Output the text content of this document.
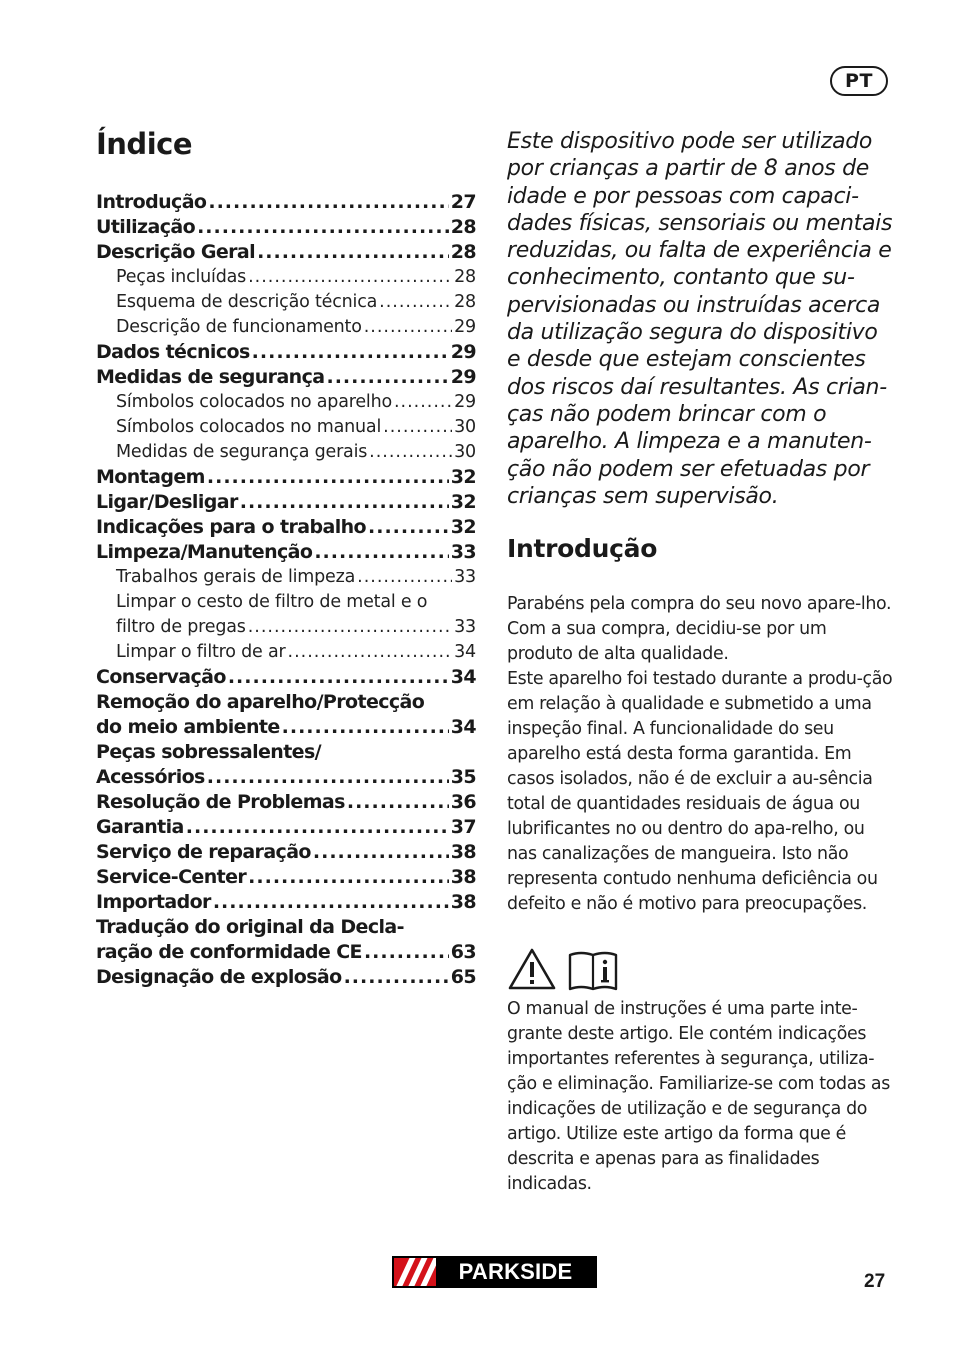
PT
Índice
Introdução .....	27
Utilização .....	28
Descrição Geral .....	28
Peças incluídas .....	28
Esquema de descrição técnica .....	28
Descrição de funcionamento .....	29
Dados técnicos .....	29
Medidas de segurança .....	29
Símbolos colocados no aparelho .....	29
Símbolos colocados no manual .....	30
Medidas de segurança gerais .....	30
Montagem .....	32
Ligar/Desligar .....	32
Indicações para o trabalho .....	32
Limpeza/Manutenção .....	33
Trabalhos gerais de limpeza .....	33
Limpar o cesto de filtro de metal e o
filtro de pregas .....	33
Limpar o filtro de ar .....	34
Conservação .....	34
Remoção do aparelho/Protecção
do meio ambiente .....	34
Peças sobressalentes/
Acessórios .....	35
Resolução de Problemas .....	36
Garantia .....	37
Serviço de reparação .....	38
Service-Center .....	38
Importador .....	38
Tradução do original da Decla-
ração de conformidade CE .....	63
Designação de explosão .....	65

Este dispositivo pode ser utilizado por crianças a partir de 8 anos de idade e por pessoas com capaci-dades físicas, sensoriais ou mentais reduzidas, ou falta de experiência e conhecimento, contanto que su-pervisionadas ou instruídas acerca da utilização segura do dispositivo e desde que estejam conscientes dos riscos daí resultantes. As crian-ças não podem brincar com o aparelho. A limpeza e a manuten-ção não podem ser efetuadas por crianças sem supervisão.

Introdução

Parabéns pela compra do seu novo apare-lho. Com a sua compra, decidiu-se por um produto de alta qualidade.

Este aparelho foi testado durante a produ-ção em relação à qualidade e submetido a uma inspeção final. A funcionalidade do seu aparelho está desta forma garantida. Em casos isolados, não é de excluir a au-sência total de quantidades residuais de água ou lubrificantes no ou dentro do apa-relho, ou nas canalizações de mangueira. Isto não representa contudo nenhuma deficiência ou defeito e não é motivo para preocupações.

O manual de instruções é uma parte inte-grante deste artigo. Ele contém indicações importantes referentes à segurança, utiliza-ção e eliminação. Familiarize-se com todas as indicações de utilização e de segurança do artigo. Utilize este artigo da forma que é descrita e apenas para as finalidades indicadas.

PARKSIDE	27
